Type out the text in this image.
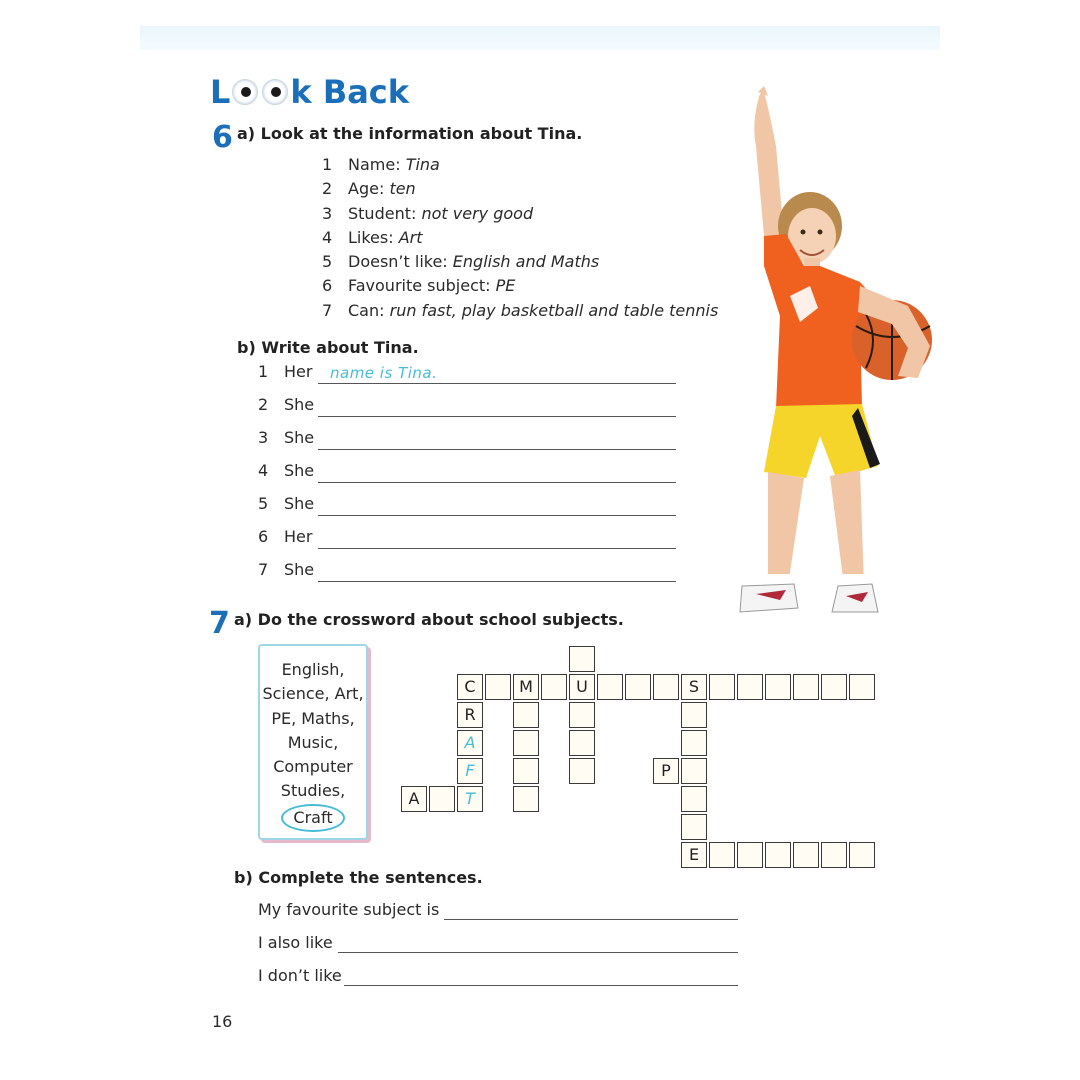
L k Back
6 a) Look at the information about Tina.
1 Name:
Tina
2 Age:
ten
3 Student:
not very good
4 Likes:
Art
5 Doesn’t like:
English and Maths
6 Favourite subject:
PE
7 Can:
run fast, play basketball and table tennis
b) Write about Tina.
1 Her	name is Tina.
2 She
3 She
4 She
5 She
6 Her
7 She
7 a) Do the crossword about school subjects.
English,
Science, Art,
PE, Maths,
Music,
Computer
Studies,
Craft
C	M	U	S
R
A
F
T
A
E
P
b) Complete the sentences.
My favourite subject is
I also like
I don’t like
16
